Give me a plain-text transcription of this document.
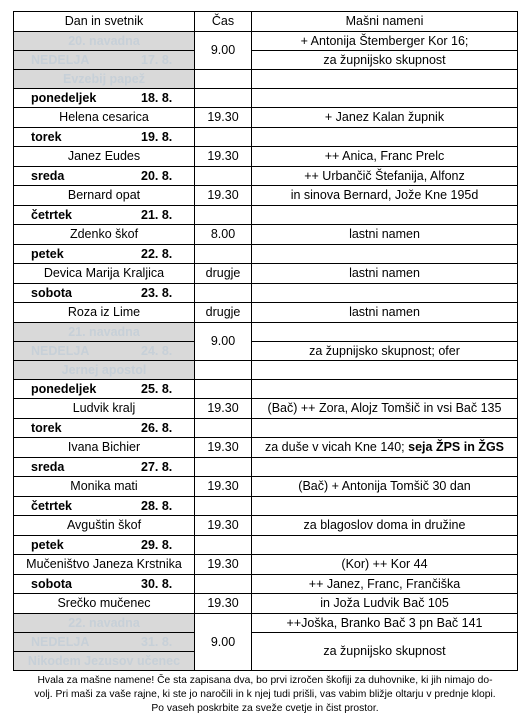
Dan in svetnik	Čas	Mašni nameni
20. navadna	9.00	+ Antonija Štemberger Kor 16;
NEDELJA 17. 8.		za župnijsko skupnost
Evzebij papež		
ponedeljek 18. 8.		
Helena cesarica	19.30	+ Janez Kalan župnik
torek 19. 8.		
Janez Eudes	19.30	++ Anica, Franc Prelc
sreda 20. 8.		++ Urbančič Štefanija, Alfonz
Bernard opat	19.30	in sinova Bernard, Jože Kne 195d
četrtek 21. 8.		
Zdenko škof	8.00	lastni namen
petek 22. 8.		
Devica Marija Kraljica	drugje	lastni namen
sobota 23. 8.		
Roza iz Lime	drugje	lastni namen
21. navadna	9.00	
NEDELJA 24. 8.		za župnijsko skupnost; ofer
Jernej apostol		
ponedeljek 25. 8.		
Ludvik kralj	19.30	(Bač) ++ Zora, Alojz Tomšič in vsi Bač 135
torek 26. 8.		
Ivana Bichier	19.30	za duše v vicah Kne 140; seja ŽPS in ŽGS
sreda 27. 8.		
Monika mati	19.30	(Bač) + Antonija Tomšič 30 dan
četrtek 28. 8.		
Avguštin škof	19.30	za blagoslov doma in družine
petek 29. 8.		
Mučeništvo Janeza Krstnika	19.30	(Kor) ++ Kor 44
sobota 30. 8.		++ Janez, Franc, Frančiška
Srečko mučenec	19.30	in Joža Ludvik Bač 105
22. navadna	9.00	++Joška, Branko Bač 3 pn Bač 141
NEDELJA 31. 8.		za župnijsko skupnost
Nikodem Jezusov učenec		
Hvala za mašne namene! Če sta zapisana dva, bo prvi izročen škofiji za duhovnike, ki jih nimajo do-
volj. Pri maši za vaše rajne, ki ste jo naročili in k njej tudi prišli, vas vabim bližje oltarju v prednje klopi.
Po vaseh poskrbite za sveže cvetje in čist prostor.
